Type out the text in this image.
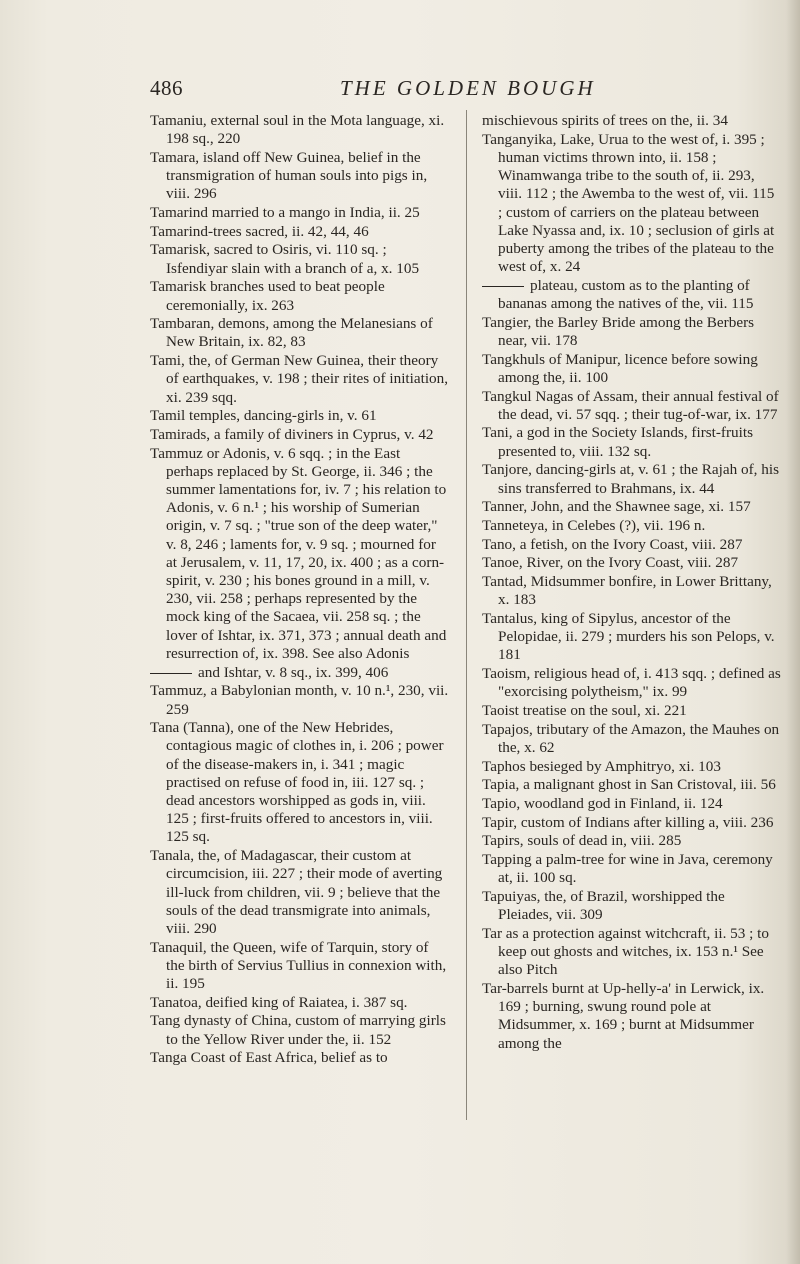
486	THE GOLDEN BOUGH
Tamaniu, external soul in the Mota language, xi. 198 sq., 220
Tamara, island off New Guinea, belief in the transmigration of human souls into pigs in, viii. 296
Tamarind married to a mango in India, ii. 25
Tamarind-trees sacred, ii. 42, 44, 46
Tamarisk, sacred to Osiris, vi. 110 sq. ; Isfendiyar slain with a branch of a, x. 105
Tamarisk branches used to beat people ceremonially, ix. 263
Tambaran, demons, among the Melanesians of New Britain, ix. 82, 83
Tami, the, of German New Guinea, their theory of earthquakes, v. 198 ; their rites of initiation, xi. 239 sqq.
Tamil temples, dancing-girls in, v. 61
Tamirads, a family of diviners in Cyprus, v. 42
Tammuz or Adonis, v. 6 sqq. ; in the East perhaps replaced by St. George, ii. 346 ; the summer lamentations for, iv. 7 ; his relation to Adonis, v. 6 n.¹ ; his worship of Sumerian origin, v. 7 sq. ; "true son of the deep water," v. 8, 246 ; laments for, v. 9 sq. ; mourned for at Jerusalem, v. 11, 17, 20, ix. 400 ; as a corn-spirit, v. 230 ; his bones ground in a mill, v. 230, vii. 258 ; perhaps represented by the mock king of the Sacaea, vii. 258 sq. ; the lover of Ishtar, ix. 371, 373 ; annual death and resurrection of, ix. 398. See also Adonis
and Ishtar, v. 8 sq., ix. 399, 406
Tammuz, a Babylonian month, v. 10 n.¹, 230, vii. 259
Tana (Tanna), one of the New Hebrides, contagious magic of clothes in, i. 206 ; power of the disease-makers in, i. 341 ; magic practised on refuse of food in, iii. 127 sq. ; dead ancestors worshipped as gods in, viii. 125 ; first-fruits offered to ancestors in, viii. 125 sq.
Tanala, the, of Madagascar, their custom at circumcision, iii. 227 ; their mode of averting ill-luck from children, vii. 9 ; believe that the souls of the dead transmigrate into animals, viii. 290
Tanaquil, the Queen, wife of Tarquin, story of the birth of Servius Tullius in connexion with, ii. 195
Tanatoa, deified king of Raiatea, i. 387 sq.
Tang dynasty of China, custom of marrying girls to the Yellow River under the, ii. 152
Tanga Coast of East Africa, belief as to
mischievous spirits of trees on the, ii. 34
Tanganyika, Lake, Urua to the west of, i. 395 ; human victims thrown into, ii. 158 ; Winamwanga tribe to the south of, ii. 293, viii. 112 ; the Awemba to the west of, vii. 115 ; custom of carriers on the plateau between Lake Nyassa and, ix. 10 ; seclusion of girls at puberty among the tribes of the plateau to the west of, x. 24
plateau, custom as to the planting of bananas among the natives of the, vii. 115
Tangier, the Barley Bride among the Berbers near, vii. 178
Tangkhuls of Manipur, licence before sowing among the, ii. 100
Tangkul Nagas of Assam, their annual festival of the dead, vi. 57 sqq. ; their tug-of-war, ix. 177
Tani, a god in the Society Islands, first-fruits presented to, viii. 132 sq.
Tanjore, dancing-girls at, v. 61 ; the Rajah of, his sins transferred to Brahmans, ix. 44
Tanner, John, and the Shawnee sage, xi. 157
Tanneteya, in Celebes (?), vii. 196 n.
Tano, a fetish, on the Ivory Coast, viii. 287
Tanoe, River, on the Ivory Coast, viii. 287
Tantad, Midsummer bonfire, in Lower Brittany, x. 183
Tantalus, king of Sipylus, ancestor of the Pelopidae, ii. 279 ; murders his son Pelops, v. 181
Taoism, religious head of, i. 413 sqq. ; defined as "exorcising polytheism," ix. 99
Taoist treatise on the soul, xi. 221
Tapajos, tributary of the Amazon, the Mauhes on the, x. 62
Taphos besieged by Amphitryo, xi. 103
Tapia, a malignant ghost in San Cristoval, iii. 56
Tapio, woodland god in Finland, ii. 124
Tapir, custom of Indians after killing a, viii. 236
Tapirs, souls of dead in, viii. 285
Tapping a palm-tree for wine in Java, ceremony at, ii. 100 sq.
Tapuiyas, the, of Brazil, worshipped the Pleiades, vii. 309
Tar as a protection against witchcraft, ii. 53 ; to keep out ghosts and witches, ix. 153 n.¹ See also Pitch
Tar-barrels burnt at Up-helly-a' in Lerwick, ix. 169 ; burning, swung round pole at Midsummer, x. 169 ; burnt at Midsummer among the
